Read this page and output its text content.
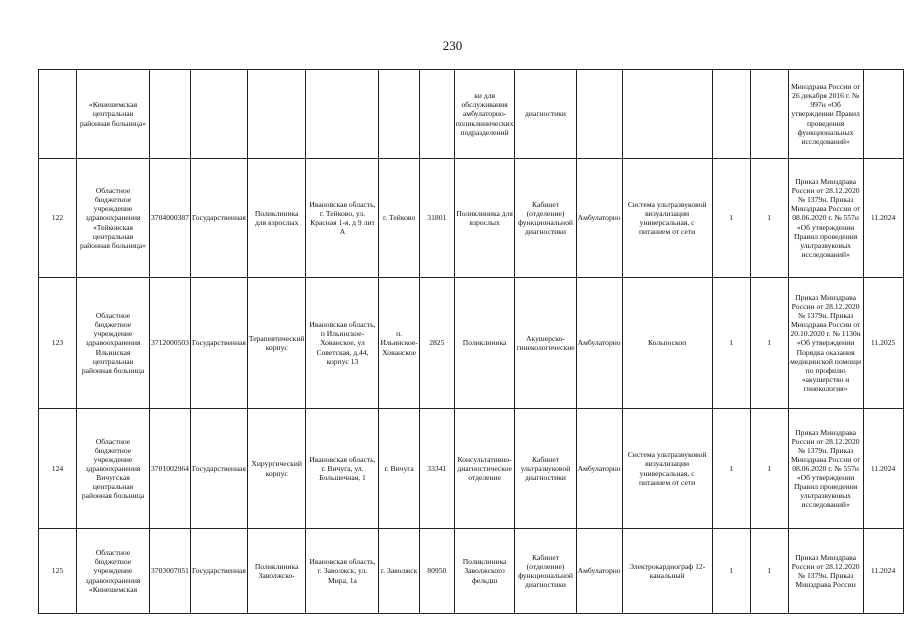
230
	«Кинешемская центральная районная больница»							ки для обслуживания амбулаторно-поликлинических подразделений	диагностики					Минздрава России от 26 декабря 2016 г. № 997н «Об утверждении Правил проведения функциональных исследований»	
122	Областное бюджетное учреждение здравоохранения «Тейковская центральная районная больница»	3704000387	Государственная	Поликлиника для взрослых	Ивановская область, г. Тейково, ул. Красная 1-я, д 9 лит А	г. Тейково	31801	Поликлиника для взрослых	Кабинет (отделение) функциональной диагностики	Амбулаторно	Система ультразвуковой визуализации универсальная, с питанием от сети	1	1	Приказ Минздрава России от 28.12.2020 № 1379н. Приказ Минздрава России от 08.06.2020 г. № 557н «Об утверждении Правил проведения ультразвуковых исследований»	11.2024
123	Областное бюджетное учреждение здравоохранения Ильинская центральная районная больница	3712000503	Государственная	Терапевтический корпус	Ивановская область, п Ильинское-Хованское, ул Советская, д.44, корпус 13	п. Ильинское-Хованское	2825	Поликлиника	Акушерско-гинекологические	Амбулаторно	Кольпоскоп	1	1	Приказ Минздрава России от 28.12.2020 № 1379н. Приказ Минздрава России от 20.10.2020 г. № 1130н «Об утверждении Порядка оказания медицинской помощи по профилю «акушерство и гинекология»	11.2025
124	Областное бюджетное учреждение здравоохранения Вичугская центральная районная больница	3701002964	Государственная	Хирургический корпус	Ивановская область, г. Вичуга, ул. Большечная, 1	г. Вичуга	33341	Консультативно-диагностическое отделение	Кабинет ультразвуковой диагностики	Амбулаторно	Система ультразвуковой визуализации универсальная, с питанием от сети	1	1	Приказ Минздрава России от 28.12.2020 № 1379н. Приказ Минздрава России от 08.06.2020 г. № 557н «Об утверждении Правил проведения ультразвуковых исследований»	11.2024
125	Областное бюджетное учреждение здравоохранения «Кинешемская	3703007051	Государственная	Поликлиника Заволжско-	Ивановская область, г. Заволжск, ул. Мира, 1а	г. Заволжск	80950	Поликлиника Заволжского фельдш	Кабинет (отделение) функциональной диагностики	Амбулаторно	Электрокардиограф 12-канальный	1	1	Приказ Минздрава России от 28.12.2020 № 1379н. Приказ Минздрава России	11.2024
